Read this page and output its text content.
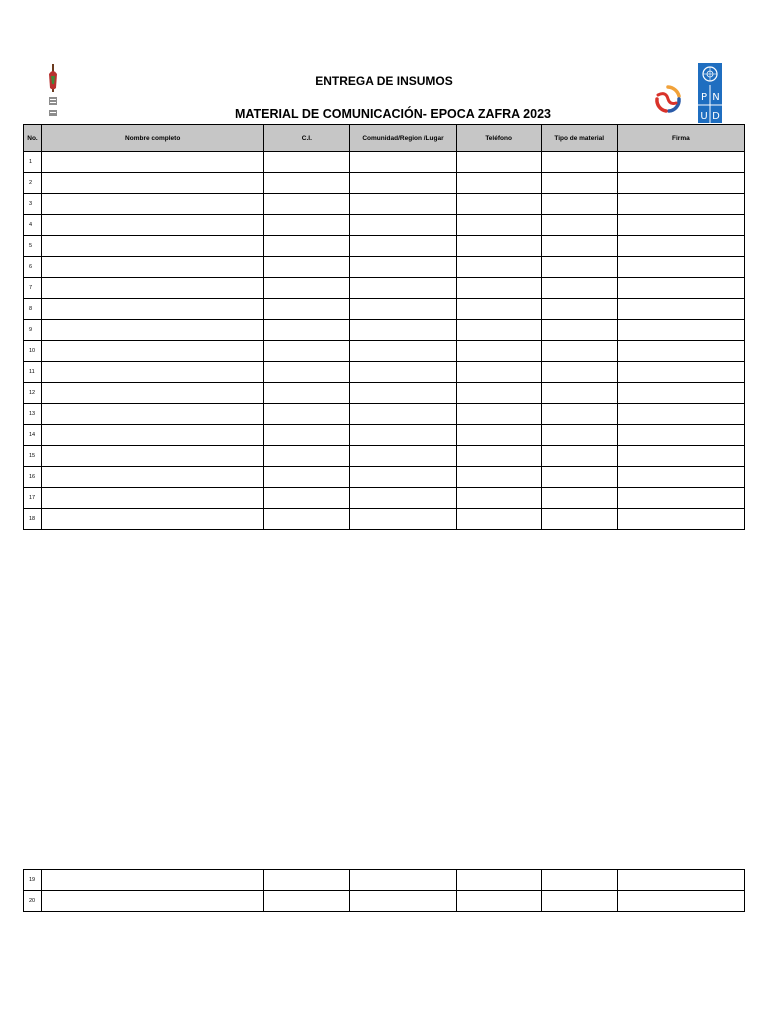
ENTREGA DE INSUMOS
MATERIAL DE COMUNICACIÓN- EPOCA ZAFRA 2023
P N
U D
No.	Nombre completo	C.I.	Comunidad/Region /Lugar	Teléfono	Tipo de material	Firma
1						
2						
3						
4						
5						
6						
7						
8						
9						
10						
11						
12						
13						
14						
15						
16						
17						
18						
19						
20						
